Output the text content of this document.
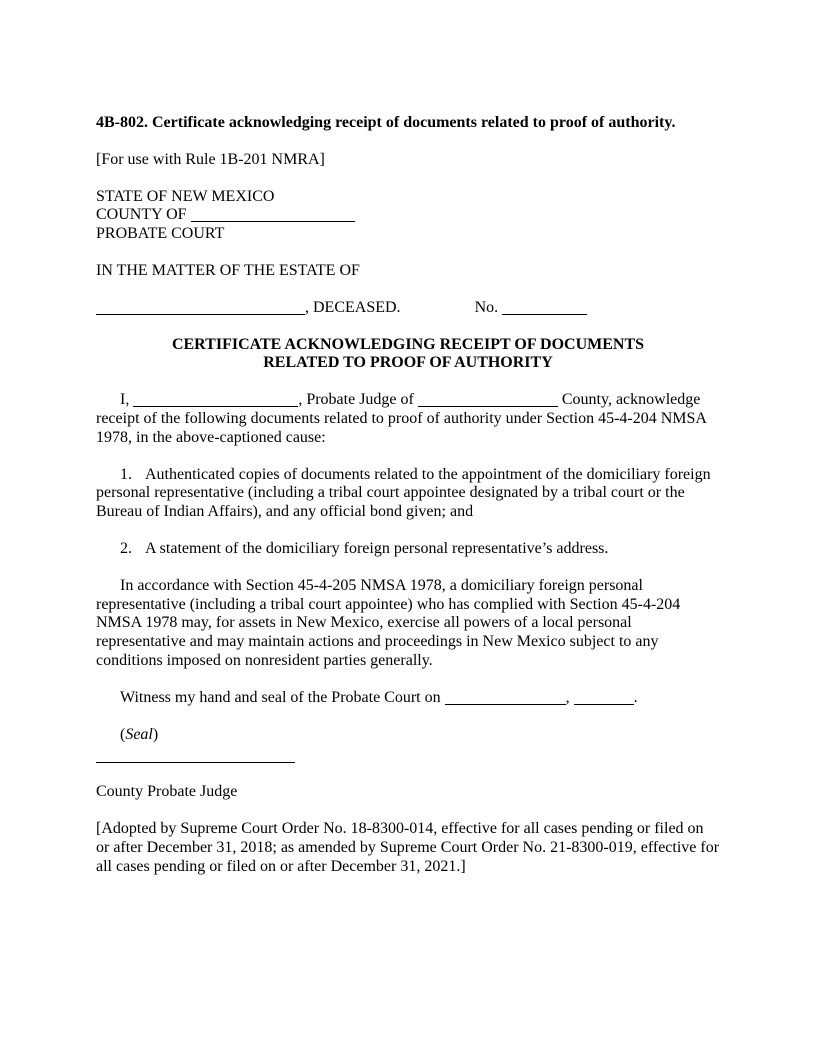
4B-802. Certificate acknowledging receipt of documents related to proof of authority.

[For use with Rule 1B-201 NMRA]

STATE OF NEW MEXICO
COUNTY OF
PROBATE COURT

IN THE MATTER OF THE ESTATE OF

, DECEASED.	No.
CERTIFICATE ACKNOWLEDGING RECEIPT OF DOCUMENTS
RELATED TO PROOF OF AUTHORITY

I,	, Probate Judge of	County, acknowledge receipt of the following documents related to proof of authority under Section 45-4-204 NMSA 1978, in the above-captioned cause:

1. Authenticated copies of documents related to the appointment of the domiciliary foreign personal representative (including a tribal court appointee designated by a tribal court or the Bureau of Indian Affairs), and any official bond given; and

2. A statement of the domiciliary foreign personal representative’s address.

In accordance with Section 45-4-205 NMSA 1978, a domiciliary foreign personal representative (including a tribal court appointee) who has complied with Section 45-4-204 NMSA 1978 may, for assets in New Mexico, exercise all powers of a local personal representative and may maintain actions and proceedings in New Mexico subject to any conditions imposed on nonresident parties generally.

Witness my hand and seal of the Probate Court on	,	.

(Seal)

County Probate Judge

[Adopted by Supreme Court Order No. 18-8300-014, effective for all cases pending or filed on or after December 31, 2018; as amended by Supreme Court Order No. 21-8300-019, effective for all cases pending or filed on or after December 31, 2021.]
